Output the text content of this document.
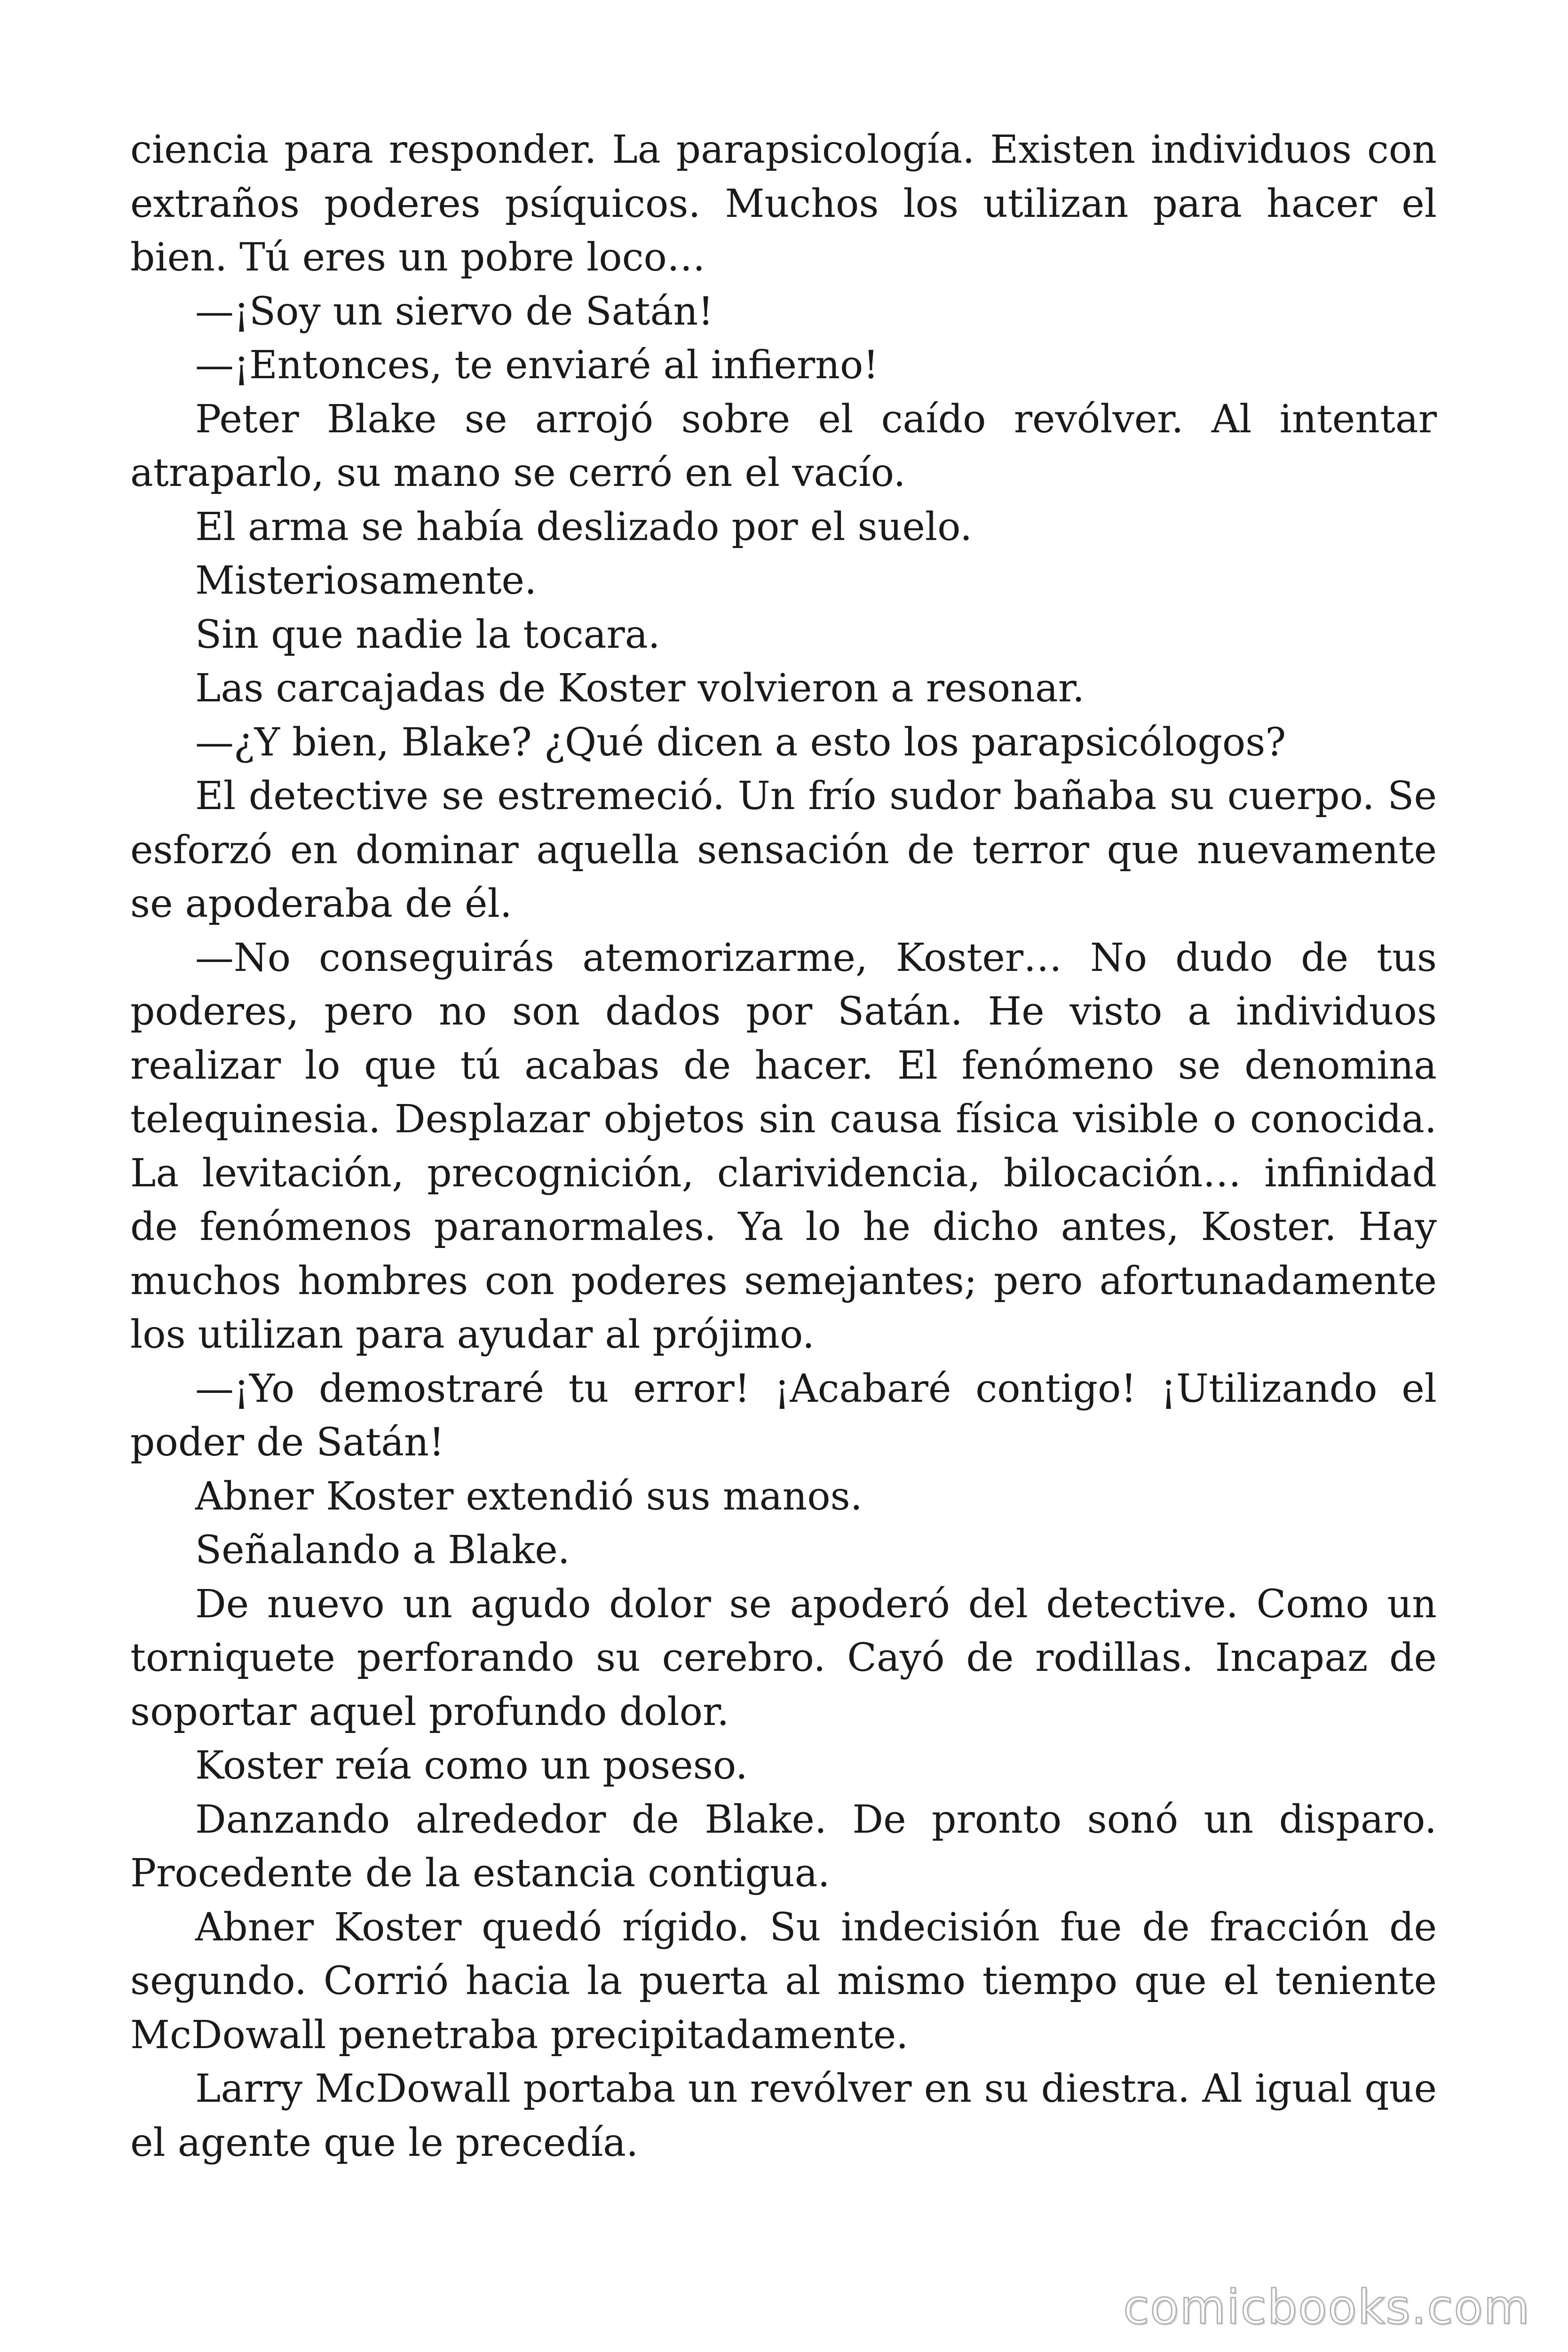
ciencia para responder. La parapsicología. Existen individuos con extraños poderes psíquicos. Muchos los utilizan para hacer el bien. Tú eres un pobre loco…

—¡Soy un siervo de Satán!

—¡Entonces, te enviaré al infierno!

Peter Blake se arrojó sobre el caído revólver. Al intentar atraparlo, su mano se cerró en el vacío.

El arma se había deslizado por el suelo.

Misteriosamente.

Sin que nadie la tocara.

Las carcajadas de Koster volvieron a resonar.

—¿Y bien, Blake? ¿Qué dicen a esto los parapsicólogos?

El detective se estremeció. Un frío sudor bañaba su cuerpo. Se esforzó en dominar aquella sensación de terror que nuevamente se apoderaba de él.

—No conseguirás atemorizarme, Koster… No dudo de tus poderes, pero no son dados por Satán. He visto a individuos realizar lo que tú acabas de hacer. El fenómeno se denomina telequinesia. Desplazar objetos sin causa física visible o conocida. La levitación, precognición, clarividencia, bilocación… infinidad de fenómenos paranormales. Ya lo he dicho antes, Koster. Hay muchos hombres con poderes semejantes; pero afortunadamente los utilizan para ayudar al prójimo.

—¡Yo demostraré tu error! ¡Acabaré contigo! ¡Utilizando el poder de Satán!

Abner Koster extendió sus manos.

Señalando a Blake.

De nuevo un agudo dolor se apoderó del detective. Como un torniquete perforando su cerebro. Cayó de rodillas. Incapaz de soportar aquel profundo dolor.

Koster reía como un poseso.

Danzando alrededor de Blake. De pronto sonó un disparo. Procedente de la estancia contigua.

Abner Koster quedó rígido. Su indecisión fue de fracción de segundo. Corrió hacia la puerta al mismo tiempo que el teniente McDowall penetraba precipitadamente.

Larry McDowall portaba un revólver en su diestra. Al igual que el agente que le precedía.

comicbooks.com
